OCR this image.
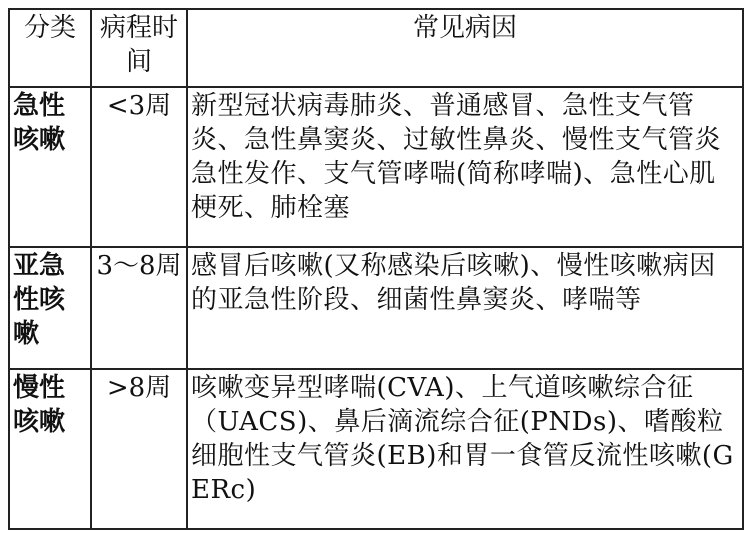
分类	病程时间	常见病因
急性咳嗽	<3周	新型冠状病毒肺炎、普通感冒、急性支气管炎、急性鼻窦炎、过敏性鼻炎、慢性支气管炎急性发作、支气管哮喘(简称哮喘)、急性心肌梗死、肺栓塞
亚急性咳嗽	3～8周	感冒后咳嗽(又称感染后咳嗽)、慢性咳嗽病因的亚急性阶段、细菌性鼻窦炎、哮喘等
慢性咳嗽	>8周	咳嗽变异型哮喘(CVA)、上气道咳嗽综合征（UACS)、鼻后滴流综合征(PNDs)、嗜酸粒细胞性支气管炎(EB)和胃一食管反流性咳嗽(GERc)
